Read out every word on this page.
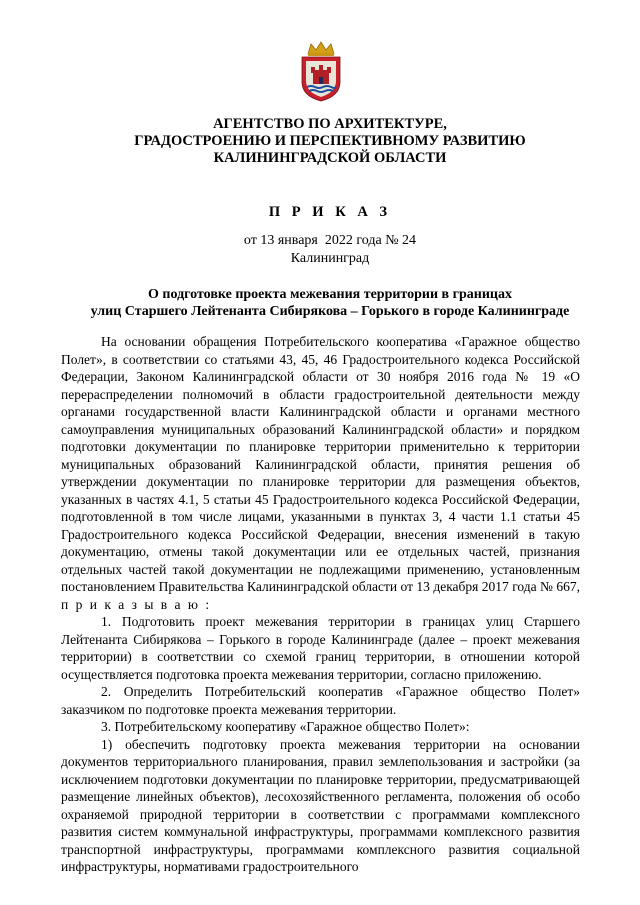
АГЕНТСТВО ПО АРХИТЕКТУРЕ,
ГРАДОСТРОЕНИЮ И ПЕРСПЕКТИВНОМУ РАЗВИТИЮ
КАЛИНИНГРАДСКОЙ ОБЛАСТИ
П Р И К А З
от 13 января  2022 года № 24
Калининград
О подготовке проекта межевания территории в границах
улиц Старшего Лейтенанта Сибирякова – Горького в городе Калининграде

На основании обращения Потребительского кооператива «Гаражное общество Полет», в соответствии со статьями 43, 45, 46 Градостроительного кодекса Российской Федерации, Законом Калининградской области от 30 ноября 2016 года № 19 «О перераспределении полномочий в области градостроительной деятельности между органами государственной власти Калининградской области и органами местного самоуправления муниципальных образований Калининградской области» и порядком подготовки документации по планировке территории применительно к территории муниципальных образований Калининградской области, принятия решения об утверждении документации по планировке территории для размещения объектов, указанных в частях 4.1, 5 статьи 45 Градостроительного кодекса Российской Федерации, подготовленной в том числе лицами, указанными в пунктах 3, 4 части 1.1 статьи 45 Градостроительного кодекса Российской Федерации, внесения изменений в такую документацию, отмены такой документации или ее отдельных частей, признания отдельных частей такой документации не подлежащими применению, установленным постановлением Правительства Калининградской области от 13 декабря 2017 года № 667, п р и к а з ы в а ю :

1. Подготовить проект межевания территории в границах улиц Старшего Лейтенанта Сибирякова – Горького в городе Калининграде (далее – проект межевания территории) в соответствии со схемой границ территории, в отношении которой осуществляется подготовка проекта межевания территории, согласно приложению.

2. Определить Потребительский кооператив «Гаражное общество Полет» заказчиком по подготовке проекта межевания территории.

3. Потребительскому кооперативу «Гаражное общество Полет»:

1) обеспечить подготовку проекта межевания территории на основании документов территориального планирования, правил землепользования и застройки (за исключением подготовки документации по планировке территории, предусматривающей размещение линейных объектов), лесохозяйственного регламента, положения об особо охраняемой природной территории в соответствии с программами комплексного развития систем коммунальной инфраструктуры, программами комплексного развития транспортной инфраструктуры, программами комплексного развития социальной инфраструктуры, нормативами градостроительного
